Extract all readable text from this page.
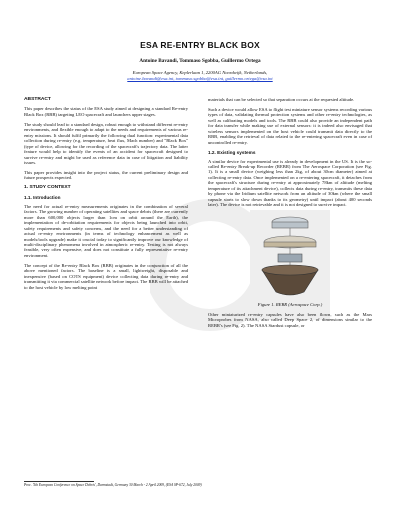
ESA RE-ENTRY BLACK BOX
Antoine Bavandi, Tommaso Sgobba, Guillermo Ortega
European Space Agency, Keplerlaan 1, 2200AG Noordwijk, Netherlands,
antoine.bavandi@esa.int, tommaso.sgobba@esa.int, guillermo.ortega@esa.int
ABSTRACT

This paper describes the status of the ESA study aimed at designing a standard Re-entry Black Box (RBB) targeting LEO spacecraft and launchers upper stages.

The study should lead to a standard design, robust enough to withstand different re-entry environments, and flexible enough to adapt to the needs and requirements of various re-entry missions. It should fulfil primarily the following dual function: experimental data collection during re-entry (e.g. temperature, heat flux, Mach number) and "Black Box" (type of device, allowing for the recording of the spacecraft's trajectory data. The latter feature would help to identify the events of an accident for spacecraft designed to survive re-entry and might be used as reference data in case of litigation and liability issues.

This paper provides insight into the project status, the current preliminary design and future prospects expected.

1. STUDY CONTEXT
1.1. Introduction

The need for actual re-entry measurements originates in the combination of several factors. The growing number of operating satellites and space debris (there are currently more than 600,000 objects larger than 1cm on orbit around the Earth), the implementation of de-orbitation requirements for objects being launched into orbit, safety requirements and safety concerns, and the need for a better understanding of actual re-entry environments (in terms of technology enhancement as well as models/tools upgrade) make it crucial today to significantly improve our knowledge of multi-disciplinary phenomena involved in atmospheric re-entry. Testing is not always feasible, very often expensive, and does not constitute a fully representative re-entry environment.

The concept of the Re-entry Black Box (RBB) originates in the conjunction of all the above mentioned factors. The baseline is a small, lightweight, disposable and inexpensive (based on COTS equipment) device collecting data during re-entry and transmitting it via commercial satellite network before impact. The RBB will be attached to the host vehicle by low melting point

materials that can be selected so that separation occurs at the requested altitude.

Such a device would allow ESA to flight test miniature sensor systems recording various types of data, validating thermal protection systems and other re-entry technologies, as well as calibrating models and tools. The RBB could also provide an independent path for data transfer while making use of external sensors: it is indeed also envisaged that wireless sensors implemented on the host vehicle could transmit data directly to the RBB, enabling the retrieval of data related to the re-entering spacecraft even in case of uncontrolled re-entry.

1.2. Existing systems

A similar device for experimental use is already in development in the US. It is the so-called Re-entry Break-up Recorder (REBR) from The Aerospace Corporation (see Fig. 1). It is a small device (weighing less than 2kg, of about 30cm diameter) aimed at collecting re-entry data. Once implemented on a re-entering spacecraft, it detaches from the spacecraft's structure during re-entry at approximately 78km of altitude (melting temperature of its attachment device), collects data during re-entry, transmits these data by phone via the Iridium satellite network from an altitude of 30km (where the small capsule starts to slow down thanks to its geometry) until impact (about 400 seconds later). The device is not retrievable and it is not designed to survive impact.

Figure 1. REBR (Aerospace Corp.)

Other miniaturized re-entry capsules have also been flown, such as the Mars Microprobes from NASA, also called Deep Space 2, of dimensions similar to the REBR's (see Fig. 2). The NASA Stardust capsule, or

Proc. '5th European Conference on Space Debris', Darmstadt, Germany 30 March - 2 April 2009, (ESA SP-672, July 2009)
